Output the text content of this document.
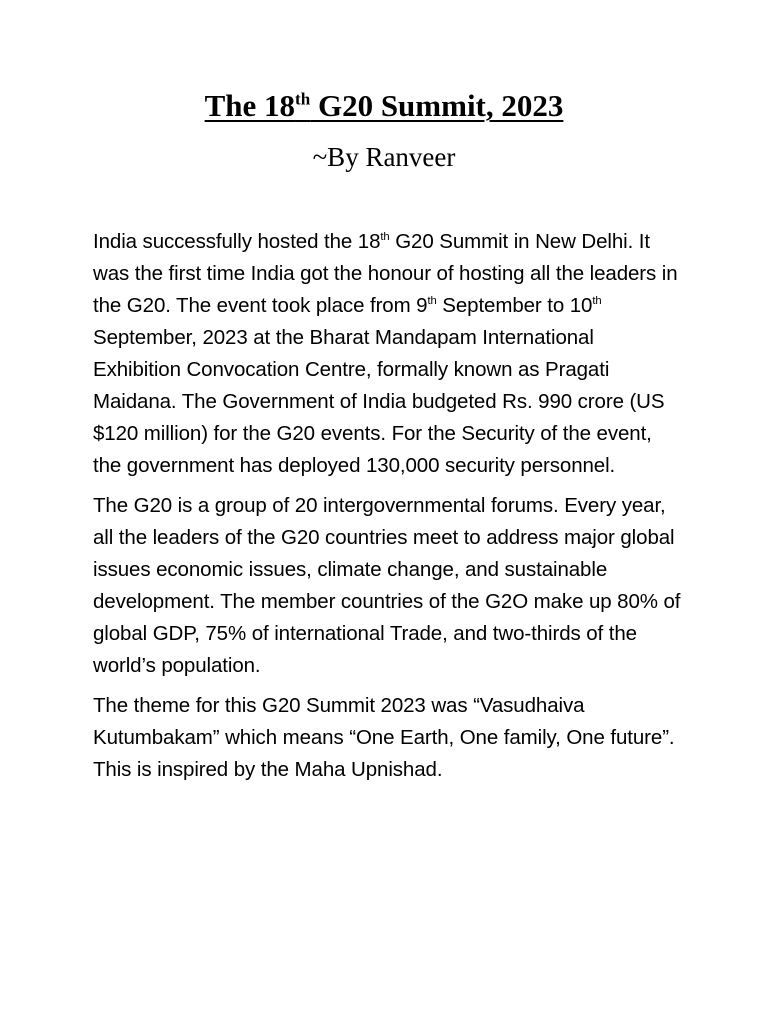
The 18th G20 Summit, 2023
~By Ranveer

India successfully hosted the 18th G20 Summit in New Delhi. It was the first time India got the honour of hosting all the leaders in the G20. The event took place from 9th September to 10th September, 2023 at the Bharat Mandapam International Exhibition Convocation Centre, formally known as Pragati Maidana. The Government of India budgeted Rs. 990 crore (US $120 million) for the G20 events. For the Security of the event, the government has deployed 130,000 security personnel.

The G20 is a group of 20 intergovernmental forums. Every year, all the leaders of the G20 countries meet to address major global issues economic issues, climate change, and sustainable development. The member countries of the G2O make up 80% of global GDP, 75% of international Trade, and two-thirds of the world’s population.

The theme for this G20 Summit 2023 was “Vasudhaiva Kutumbakam” which means “One Earth, One family, One future”. This is inspired by the Maha Upnishad.
